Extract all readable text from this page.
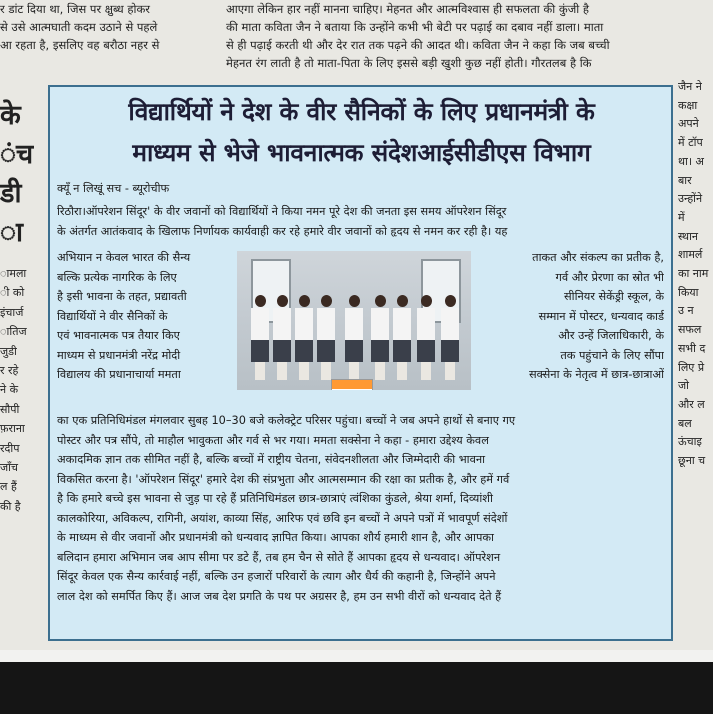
र डांट दिया था, जिस पर क्षुब्ध होकर
से उसे आत्मघाती कदम उठाने से पहले
आ रहता है, इसलिए वह बरौठा नहर से
आएगा लेकिन हार नहीं मानना चाहिए। मेहनत और आत्मविश्वास ही सफलता की कुंजी है
की माता कविता जैन ने बताया कि उन्होंने कभी भी बेटी पर पढ़ाई का दबाव नहीं डाला। माता
से ही पढ़ाई करती थी और देर रात तक पढ़ने की आदत थी। कविता जैन ने कहा कि जब बच्ची
मेहनत रंग लाती है तो माता-पिता के लिए इससे बड़ी खुशी कुछ नहीं होती। गौरतलब है कि
के
ंच
डी
ा
ामला
ी को
इंचार्ज
ातिज
जुडी
र रहे
ने के
सौपी
फ़राना
रदीप
जाँच
ल हैं
की है
जैन ने
कक्षा
अपने
में टॉप
था। अ
बार
उन्होंने
में
स्थान
शामर्ल
का नाम
किया
उ न
सफल
सभी द
लिए प्रे
जो
और ल
बल
ऊंचाइ
छूना च
विद्यार्थियों ने देश के वीर सैनिकों के लिए प्रधानमंत्री के
माध्यम से भेजे भावनात्मक संदेशआईसीडीएस विभाग
क्यूँ न लिखूं सच - ब्यूरोचीफ
रिठौरा।ऑपरेशन सिंदूर' के वीर जवानों को विद्यार्थियों ने किया नमन पूरे देश की जनता इस समय ऑपरेशन सिंदूर
के अंतर्गत आतंकवाद के खिलाफ निर्णायक कार्यवाही कर रहे हमारे वीर जवानों को हृदय से नमन कर रही है। यह
अभियान न केवल भारत की सैन्य
बल्कि प्रत्येक नागरिक के लिए
है इसी भावना के तहत, प्रद्यावती
विद्यार्थियों ने वीर सैनिकों के
एवं भावनात्मक पत्र तैयार किए
माध्यम से प्रधानमंत्री नरेंद्र मोदी
विद्यालय की प्रधानाचार्या ममता
ताकत और संकल्प का प्रतीक है,
गर्व और प्रेरणा का स्रोत भी
सीनियर सेकेंड्री स्कूल, के
सम्मान में पोस्टर, धन्यवाद कार्ड
और उन्हें जिलाधिकारी, के
तक पहुंचाने के लिए सौंपा
सक्सेना के नेतृत्व में छात्र-छात्राओं
का एक प्रतिनिधिमंडल मंगलवार सुबह 10–30 बजे कलेक्ट्रेट परिसर पहुंचा। बच्चों ने जब अपने हाथों से बनाए गए
पोस्टर और पत्र सौंपे, तो माहौल भावुकता और गर्व से भर गया। ममता सक्सेना ने कहा - हमारा उद्देश्य केवल
अकादमिक ज्ञान तक सीमित नहीं है, बल्कि बच्चों में राष्ट्रीय चेतना, संवेदनशीलता और जिम्मेदारी की भावना
विकसित करना है। 'ऑपरेशन सिंदूर' हमारे देश की संप्रभुता और आत्मसम्मान की रक्षा का प्रतीक है, और हमें गर्व
है कि हमारे बच्चे इस भावना से जुड़ पा रहे हैं प्रतिनिधिमंडल छात्र-छात्राएं त्वंशिका कुंडले, श्रेया शर्मा, दिव्यांशी
कालकोरिया, अविकल्प, रागिनी, अयांश, काव्या सिंह, आरिफ एवं छवि इन बच्चों ने अपने पत्रों में भावपूर्ण संदेशों
के माध्यम से वीर जवानों और प्रधानमंत्री को धन्यवाद ज्ञापित किया। आपका शौर्य हमारी शान है, और आपका
बलिदान हमारा अभिमान जब आप सीमा पर डटे हैं, तब हम चैन से सोते हैं आपका हृदय से धन्यवाद। ऑपरेशन
सिंदूर केवल एक सैन्य कार्रवाई नहीं, बल्कि उन हजारों परिवारों के त्याग और धैर्य की कहानी है, जिन्होंने अपने
लाल देश को समर्पित किए हैं। आज जब देश प्रगति के पथ पर अग्रसर है, हम उन सभी वीरों को धन्यवाद देते हैं
